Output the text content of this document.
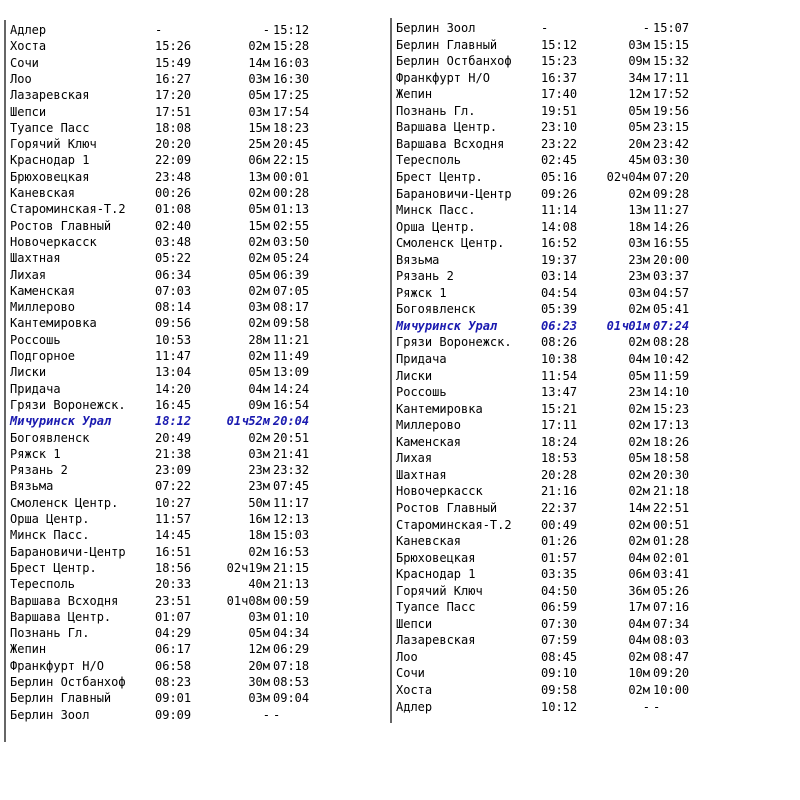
Адлер	-	- 15:12
Хоста	15:26	02м 15:28
Сочи	15:49	14м 16:03
Лоо	16:27	03м 16:30
Лазаревская	17:20	05м 17:25
Шепси	17:51	03м 17:54
Туапсе Пасс	18:08	15м 18:23
Горячий Ключ	20:20	25м 20:45
Краснодар 1	22:09	06м 22:15
Брюховецкая	23:48	13м 00:01
Каневская	00:26	02м 00:28
Староминская-Т.2 01:08	05м 01:13
Ростов Главный	02:40	15м 02:55
Новочеркасск	03:48	02м 03:50
Шахтная	05:22	02м 05:24
Лихая	06:34	05м 06:39
Каменская	07:03	02м 07:05
Миллерово	08:14	03м 08:17
Кантемировка	09:56	02м 09:58
Россошь	10:53	28м 11:21
Подгорное	11:47	02м 11:49
Лиски	13:04	05м 13:09
Придача	14:20	04м 14:24
Грязи Воронежск. 16:45	09м 16:54
Мичуринск Урал	18:12	01ч52м 20:04
Богоявленск	20:49	02м 20:51
Ряжск 1	21:38	03м 21:41
Рязань 2	23:09	23м 23:32
Вязьма	07:22	23м 07:45
Смоленск Центр.	10:27	50м 11:17
Орша Центр.	11:57	16м 12:13
Минск Пасс.	14:45	18м 15:03
Барановичи-Центр 16:51	02м 16:53
Брест Центр.	18:56	02ч19м 21:15
Тересполь	20:33	40м 21:13
Варшава Всходня	23:51	01ч08м 00:59
Варшава Центр.	01:07	03м 01:10
Познань Гл.	04:29	05м 04:34
Жепин	06:17	12м 06:29
Франкфурт Н/О	06:58	20м 07:18
Берлин Остбанхоф 08:23	30м 08:53
Берлин Главный	09:01	03м 09:04
Берлин Зоол	09:09	- -
Берлин Зоол	-	- 15:07
Берлин Главный	15:12	03м 15:15
Берлин Остбанхоф 15:23	09м 15:32
Франкфурт Н/О	16:37	34м 17:11
Жепин	17:40	12м 17:52
Познань Гл.	19:51	05м 19:56
Варшава Центр.	23:10	05м 23:15
Варшава Всходня	23:22	20м 23:42
Тересполь	02:45	45м 03:30
Брест Центр.	05:16	02ч04м 07:20
Барановичи-Центр 09:26	02м 09:28
Минск Пасс.	11:14	13м 11:27
Орша Центр.	14:08	18м 14:26
Смоленск Центр.	16:52	03м 16:55
Вязьма	19:37	23м 20:00
Рязань 2	03:14	23м 03:37
Ряжск 1	04:54	03м 04:57
Богоявленск	05:39	02м 05:41
Мичуринск Урал	06:23	01ч01м 07:24
Грязи Воронежск. 08:26	02м 08:28
Придача	10:38	04м 10:42
Лиски	11:54	05м 11:59
Россошь	13:47	23м 14:10
Кантемировка	15:21	02м 15:23
Миллерово	17:11	02м 17:13
Каменская	18:24	02м 18:26
Лихая	18:53	05м 18:58
Шахтная	20:28	02м 20:30
Новочеркасск	21:16	02м 21:18
Ростов Главный	22:37	14м 22:51
Староминская-Т.2 00:49	02м 00:51
Каневская	01:26	02м 01:28
Брюховецкая	01:57	04м 02:01
Краснодар 1	03:35	06м 03:41
Горячий Ключ	04:50	36м 05:26
Туапсе Пасс	06:59	17м 07:16
Шепси	07:30	04м 07:34
Лазаревская	07:59	04м 08:03
Лоо	08:45	02м 08:47
Сочи	09:10	10м 09:20
Хоста	09:58	02м 10:00
Адлер	10:12	- -
